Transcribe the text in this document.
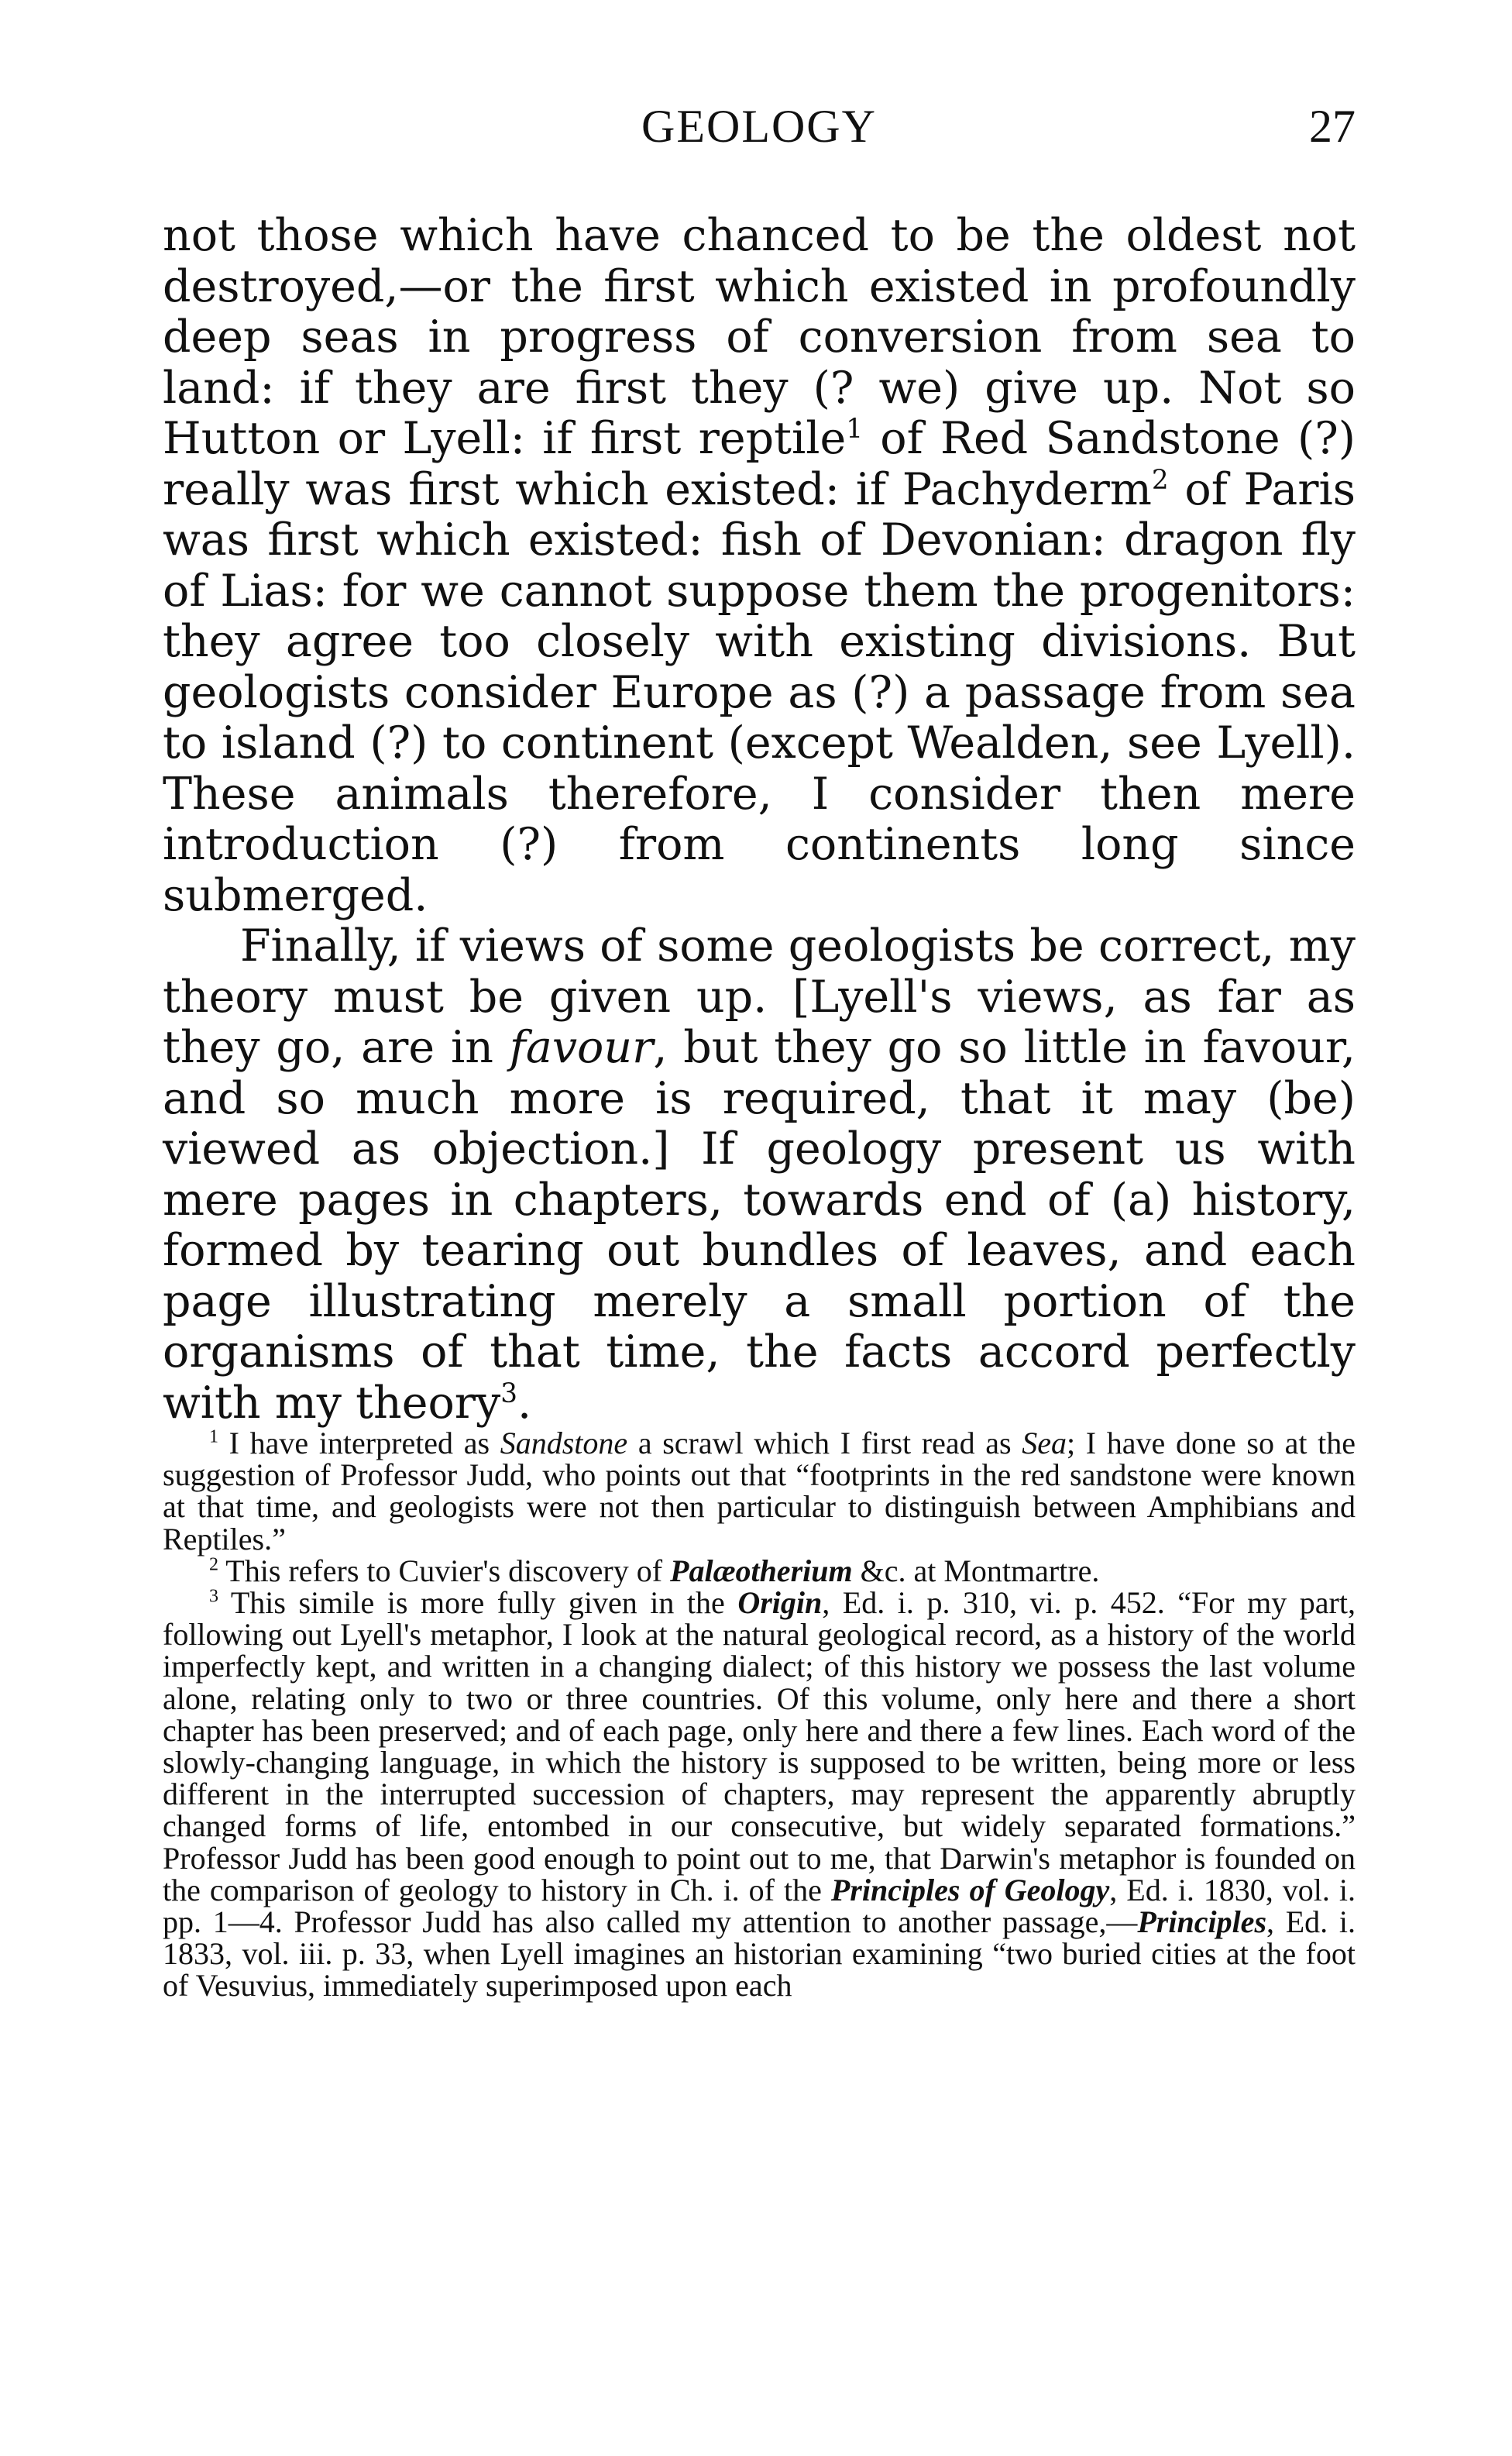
GEOLOGY	27

not those which have chanced to be the oldest not destroyed,—or the first which existed in profoundly deep seas in progress of conversion from sea to land: if they are first they (? we) give up. Not so Hutton or Lyell: if first reptile$^1$ of Red Sandstone (?) really was first which existed: if Pachyderm$^2$ of Paris was first which existed: fish of Devonian: dragon fly of Lias: for we cannot suppose them the progenitors: they agree too closely with existing divisions. But geologists consider Europe as (?) a passage from sea to island (?) to continent (except Wealden, see Lyell). These animals therefore, I consider then mere introduction (?) from continents long since submerged.

Finally, if views of some geologists be correct, my theory must be given up. [Lyell's views, as far as they go, are in favour, but they go so little in favour, and so much more is required, that it may (be) viewed as objection.] If geology present us with mere pages in chapters, towards end of (a) history, formed by tearing out bundles of leaves, and each page illustrating merely a small portion of the organisms of that time, the facts accord perfectly with my theory$^3$.

$^1$ I have interpreted as Sandstone a scrawl which I first read as Sea; I have done so at the suggestion of Professor Judd, who points out that “footprints in the red sandstone were known at that time, and geologists were not then particular to distinguish between Amphibians and Reptiles.”

$^2$ This refers to Cuvier's discovery of Palæotherium &c. at Montmartre.

$^3$ This simile is more fully given in the Origin, Ed. i. p. 310, vi. p. 452. “For my part, following out Lyell's metaphor, I look at the natural geological record, as a history of the world imperfectly kept, and written in a changing dialect; of this history we possess the last volume alone, relating only to two or three countries. Of this volume, only here and there a short chapter has been preserved; and of each page, only here and there a few lines. Each word of the slowly-changing language, in which the history is supposed to be written, being more or less different in the interrupted succession of chapters, may represent the apparently abruptly changed forms of life, entombed in our consecutive, but widely separated formations.” Professor Judd has been good enough to point out to me, that Darwin's metaphor is founded on the comparison of geology to history in Ch. i. of the Principles of Geology, Ed. i. 1830, vol. i. pp. 1—4. Professor Judd has also called my attention to another passage,—Principles, Ed. i. 1833, vol. iii. p. 33, when Lyell imagines an historian examining “two buried cities at the foot of Vesuvius, immediately superimposed upon each
